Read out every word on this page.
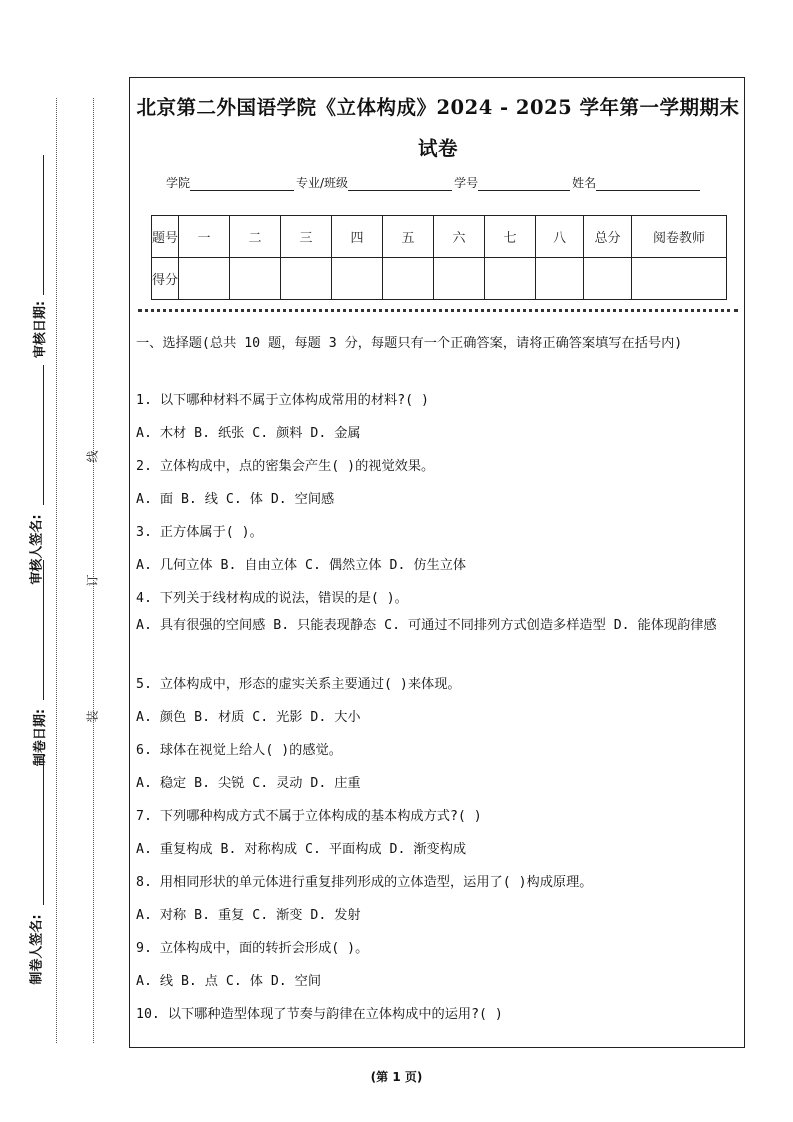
审核日期:
审核人签名:
制卷日期:
制卷人签名:
线
订
装
北京第二外国语学院《立体构成》2024 - 2025 学年第一学期期末
试卷
学院	专业/班级	学号	姓名
题号	一	二	三	四	五	六	七	八	总分	阅卷教师
得分										
一、选择题(总共 10 题，每题 3 分，每题只有一个正确答案，请将正确答案填写在括号内)
1. 以下哪种材料不属于立体构成常用的材料?( )
A. 木材 B. 纸张 C. 颜料 D. 金属
2. 立体构成中，点的密集会产生( )的视觉效果。
A. 面 B. 线 C. 体 D. 空间感
3. 正方体属于( )。
A. 几何立体 B. 自由立体 C. 偶然立体 D. 仿生立体
4. 下列关于线材构成的说法，错误的是( )。
A. 具有很强的空间感 B. 只能表现静态 C. 可通过不同排列方式创造多样造型 D. 能体现韵律感
5. 立体构成中，形态的虚实关系主要通过( )来体现。
A. 颜色 B. 材质 C. 光影 D. 大小
6. 球体在视觉上给人( )的感觉。
A. 稳定 B. 尖锐 C. 灵动 D. 庄重
7. 下列哪种构成方式不属于立体构成的基本构成方式?( )
A. 重复构成 B. 对称构成 C. 平面构成 D. 渐变构成
8. 用相同形状的单元体进行重复排列形成的立体造型，运用了( )构成原理。
A. 对称 B. 重复 C. 渐变 D. 发射
9. 立体构成中，面的转折会形成( )。
A. 线 B. 点 C. 体 D. 空间
10. 以下哪种造型体现了节奏与韵律在立体构成中的运用?( )
(第 1 页)
